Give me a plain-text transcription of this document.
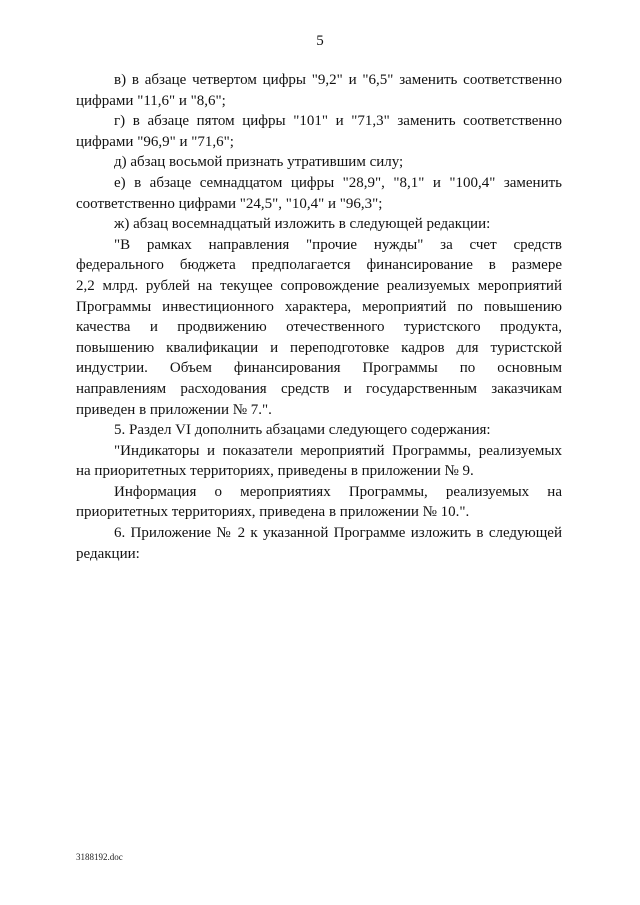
5
в) в абзаце четвертом цифры "9,2" и "6,5" заменить соответственно
цифрами "11,6" и "8,6";
г) в абзаце пятом цифры "101" и "71,3" заменить соответственно
цифрами "96,9" и "71,6";
д) абзац восьмой признать утратившим силу;
е) в абзаце семнадцатом цифры "28,9", "8,1" и "100,4" заменить
соответственно цифрами "24,5", "10,4" и "96,3";
ж) абзац восемнадцатый изложить в следующей редакции:
"В рамках направления "прочие нужды" за счет средств
федерального бюджета предполагается финансирование в размере
2,2 млрд. рублей на текущее сопровождение реализуемых мероприятий
Программы инвестиционного характера, мероприятий по повышению
качества и продвижению отечественного туристского продукта,
повышению квалификации и переподготовке кадров для туристской
индустрии. Объем финансирования Программы по основным
направлениям расходования средств и государственным заказчикам
приведен в приложении № 7.".
5. Раздел VI дополнить абзацами следующего содержания:
"Индикаторы и показатели мероприятий Программы, реализуемых
на приоритетных территориях, приведены в приложении № 9.
Информация о мероприятиях Программы, реализуемых на
приоритетных территориях, приведена в приложении № 10.".
6. Приложение № 2 к указанной Программе изложить в следующей
редакции:
3188192.doc
